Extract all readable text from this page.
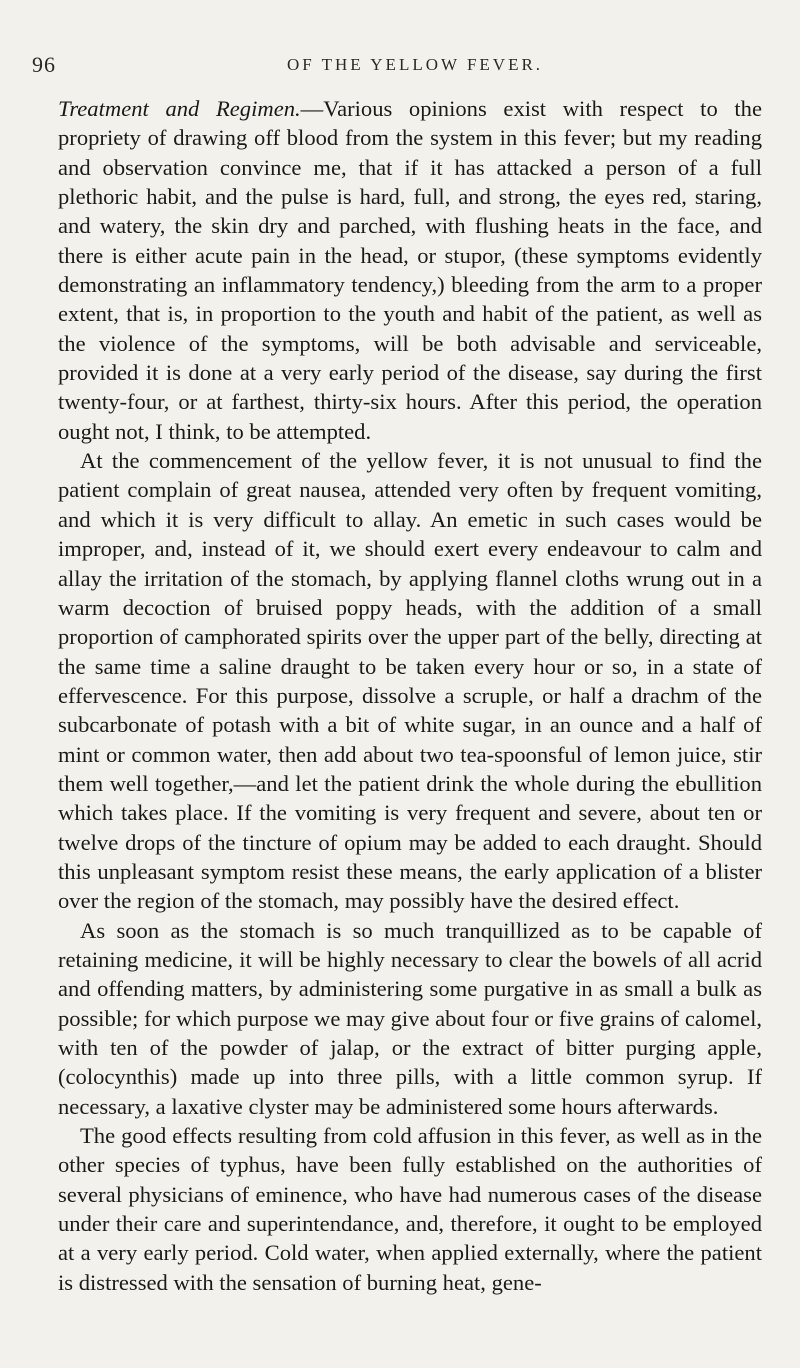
96	OF THE YELLOW FEVER.

Treatment and Regimen.—Various opinions exist with respect to the propriety of drawing off blood from the system in this fever; but my reading and observation convince me, that if it has attacked a person of a full plethoric habit, and the pulse is hard, full, and strong, the eyes red, staring, and watery, the skin dry and parched, with flushing heats in the face, and there is either acute pain in the head, or stupor, (these symptoms evidently demonstrating an inflammatory tendency,) bleeding from the arm to a proper extent, that is, in proportion to the youth and habit of the patient, as well as the violence of the symptoms, will be both advisable and serviceable, provided it is done at a very early period of the disease, say during the first twenty-four, or at farthest, thirty-six hours. After this period, the operation ought not, I think, to be attempted.

At the commencement of the yellow fever, it is not unusual to find the patient complain of great nausea, attended very often by frequent vomiting, and which it is very difficult to allay. An emetic in such cases would be improper, and, instead of it, we should exert every endeavour to calm and allay the irritation of the stomach, by applying flannel cloths wrung out in a warm decoction of bruised poppy heads, with the addition of a small proportion of camphorated spirits over the upper part of the belly, directing at the same time a saline draught to be taken every hour or so, in a state of effervescence. For this purpose, dissolve a scruple, or half a drachm of the subcarbonate of potash with a bit of white sugar, in an ounce and a half of mint or common water, then add about two tea-spoonsful of lemon juice, stir them well together,—and let the patient drink the whole during the ebullition which takes place. If the vomiting is very frequent and severe, about ten or twelve drops of the tincture of opium may be added to each draught. Should this unpleasant symptom resist these means, the early application of a blister over the region of the stomach, may possibly have the desired effect.

As soon as the stomach is so much tranquillized as to be capable of retaining medicine, it will be highly necessary to clear the bowels of all acrid and offending matters, by administering some purgative in as small a bulk as possible; for which purpose we may give about four or five grains of calomel, with ten of the powder of jalap, or the extract of bitter purging apple, (colocynthis) made up into three pills, with a little common syrup. If necessary, a laxative clyster may be administered some hours afterwards.

The good effects resulting from cold affusion in this fever, as well as in the other species of typhus, have been fully established on the authorities of several physicians of eminence, who have had numerous cases of the disease under their care and superintendance, and, therefore, it ought to be employed at a very early period. Cold water, when applied externally, where the patient is distressed with the sensation of burning heat, gene-
